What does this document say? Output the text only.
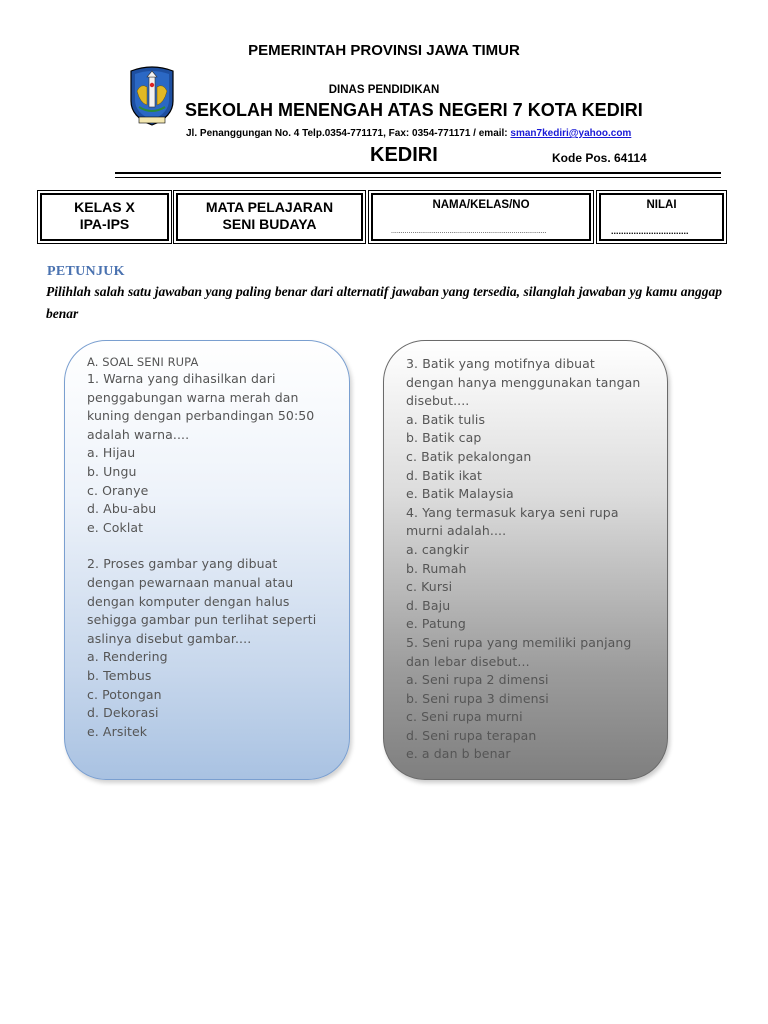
PEMERINTAH PROVINSI JAWA TIMUR
DINAS PENDIDIKAN
SEKOLAH MENENGAH ATAS NEGERI 7 KOTA KEDIRI
Jl. Penanggungan No. 4 Telp.0354-771171, Fax: 0354-771171 / email: sman7kediri@yahoo.com
KEDIRI	Kode Pos. 64114
KELAS X
IPA-IPS
MATA PELAJARAN
SENI BUDAYA
NAMA/KELAS/NO
................................................................................
NILAI
...............................
PETUNJUK
Pilihlah salah satu jawaban yang paling benar dari alternatif jawaban yang tersedia, silanglah jawaban yg kamu anggap benar
A. SOAL SENI RUPA
1. Warna yang dihasilkan dari
penggabungan warna merah dan
kuning dengan perbandingan 50:50
adalah warna....
a. Hijau
b. Ungu
c. Oranye
d. Abu-abu
e. Coklat
2. Proses gambar yang dibuat
dengan pewarnaan manual atau
dengan komputer dengan halus
sehigga gambar pun terlihat seperti
aslinya disebut gambar....
a. Rendering
b. Tembus
c. Potongan
d. Dekorasi
e. Arsitek
3. Batik yang motifnya dibuat
dengan hanya menggunakan tangan
disebut....
a. Batik tulis
b. Batik cap
c. Batik pekalongan
d. Batik ikat
e. Batik Malaysia
4. Yang termasuk karya seni rupa
murni adalah....
a. cangkir
b. Rumah
c. Kursi
d. Baju
e. Patung
5. Seni rupa yang memiliki panjang
dan lebar disebut...
a. Seni rupa 2 dimensi
b. Seni rupa 3 dimensi
c. Seni rupa murni
d. Seni rupa terapan
e. a dan b benar
